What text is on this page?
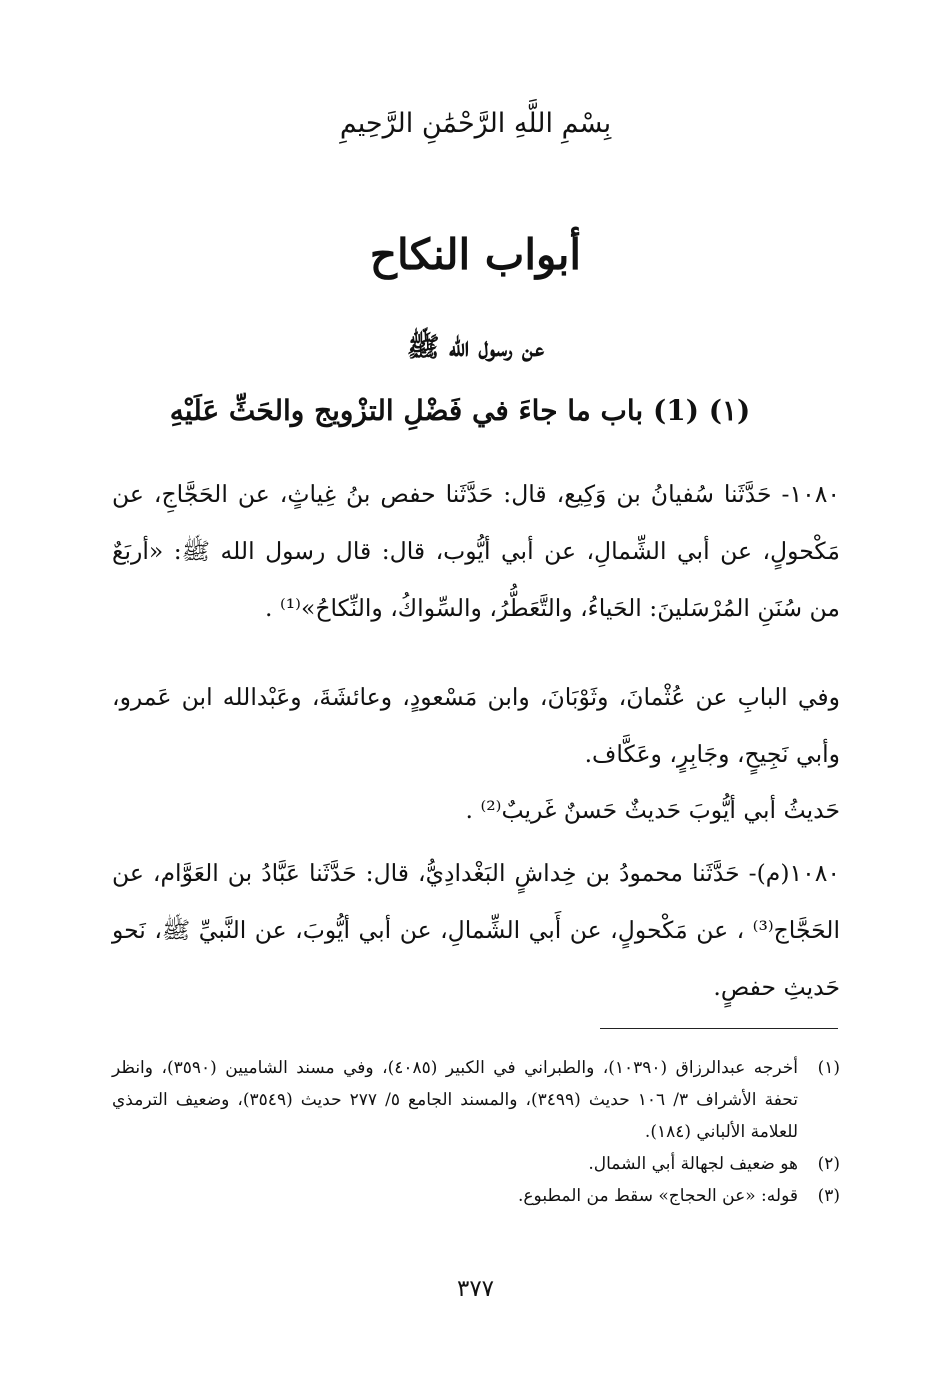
بِسْمِ اللَّهِ الرَّحْمَٰنِ الرَّحِيمِ
أبواب النكاح
عن رسول الله ﷺ
(١) (1) باب ما جاءَ في فَضْلِ التزْويج والحَثِّ عَلَيْهِ
١٠٨٠- حَدَّثَنا سُفيانُ بن وَكِيع، قال: حَدَّثَنا حفص بنُ غِياثٍ، عن الحَجَّاجِ، عن مَكْحولٍ، عن أبي الشِّمالِ، عن أبي أيُّوب، قال: قال رسول الله ﷺ: «أربَعٌ من سُنَنِ المُرْسَلينَ: الحَياءُ، والتَّعَطُّرُ، والسِّواكُ، والنِّكاحُ»⁽¹⁾ .
وفي البابِ عن عُثْمانَ، وثَوْبَانَ، وابن مَسْعودٍ، وعائشَةَ، وعَبْدالله ابن عَمرو، وأبي نَجِيحٍ، وجَابِرٍ، وعَكَّاف.
حَديثُ أبي أيُّوبَ حَديثٌ حَسنٌ غَريبٌ⁽²⁾ .
١٠٨٠(م)- حَدَّثَنا محمودُ بن خِداشٍ البَغْدادِيُّ، قال: حَدَّثَنا عَبَّادُ بن العَوَّام، عن الحَجَّاج⁽³⁾ ، عن مَكْحولٍ، عن أَبي الشِّمالِ، عن أبي أيُّوبَ، عن النَّبيِّ ﷺ، نَحو حَديثِ حفصٍ.
(١)
أخرجه عبدالرزاق (١٠٣٩٠)، والطبراني في الكبير (٤٠٨٥)، وفي مسند الشاميين (٣٥٩٠)، وانظر تحفة الأشراف ٣/ ١٠٦ حديث (٣٤٩٩)، والمسند الجامع ٥/ ٢٧٧ حديث (٣٥٤٩)، وضعيف الترمذي للعلامة الألباني (١٨٤).
(٢)
هو ضعيف لجهالة أبي الشمال.
(٣)
قوله: «عن الحجاج» سقط من المطبوع.
٣٧٧
